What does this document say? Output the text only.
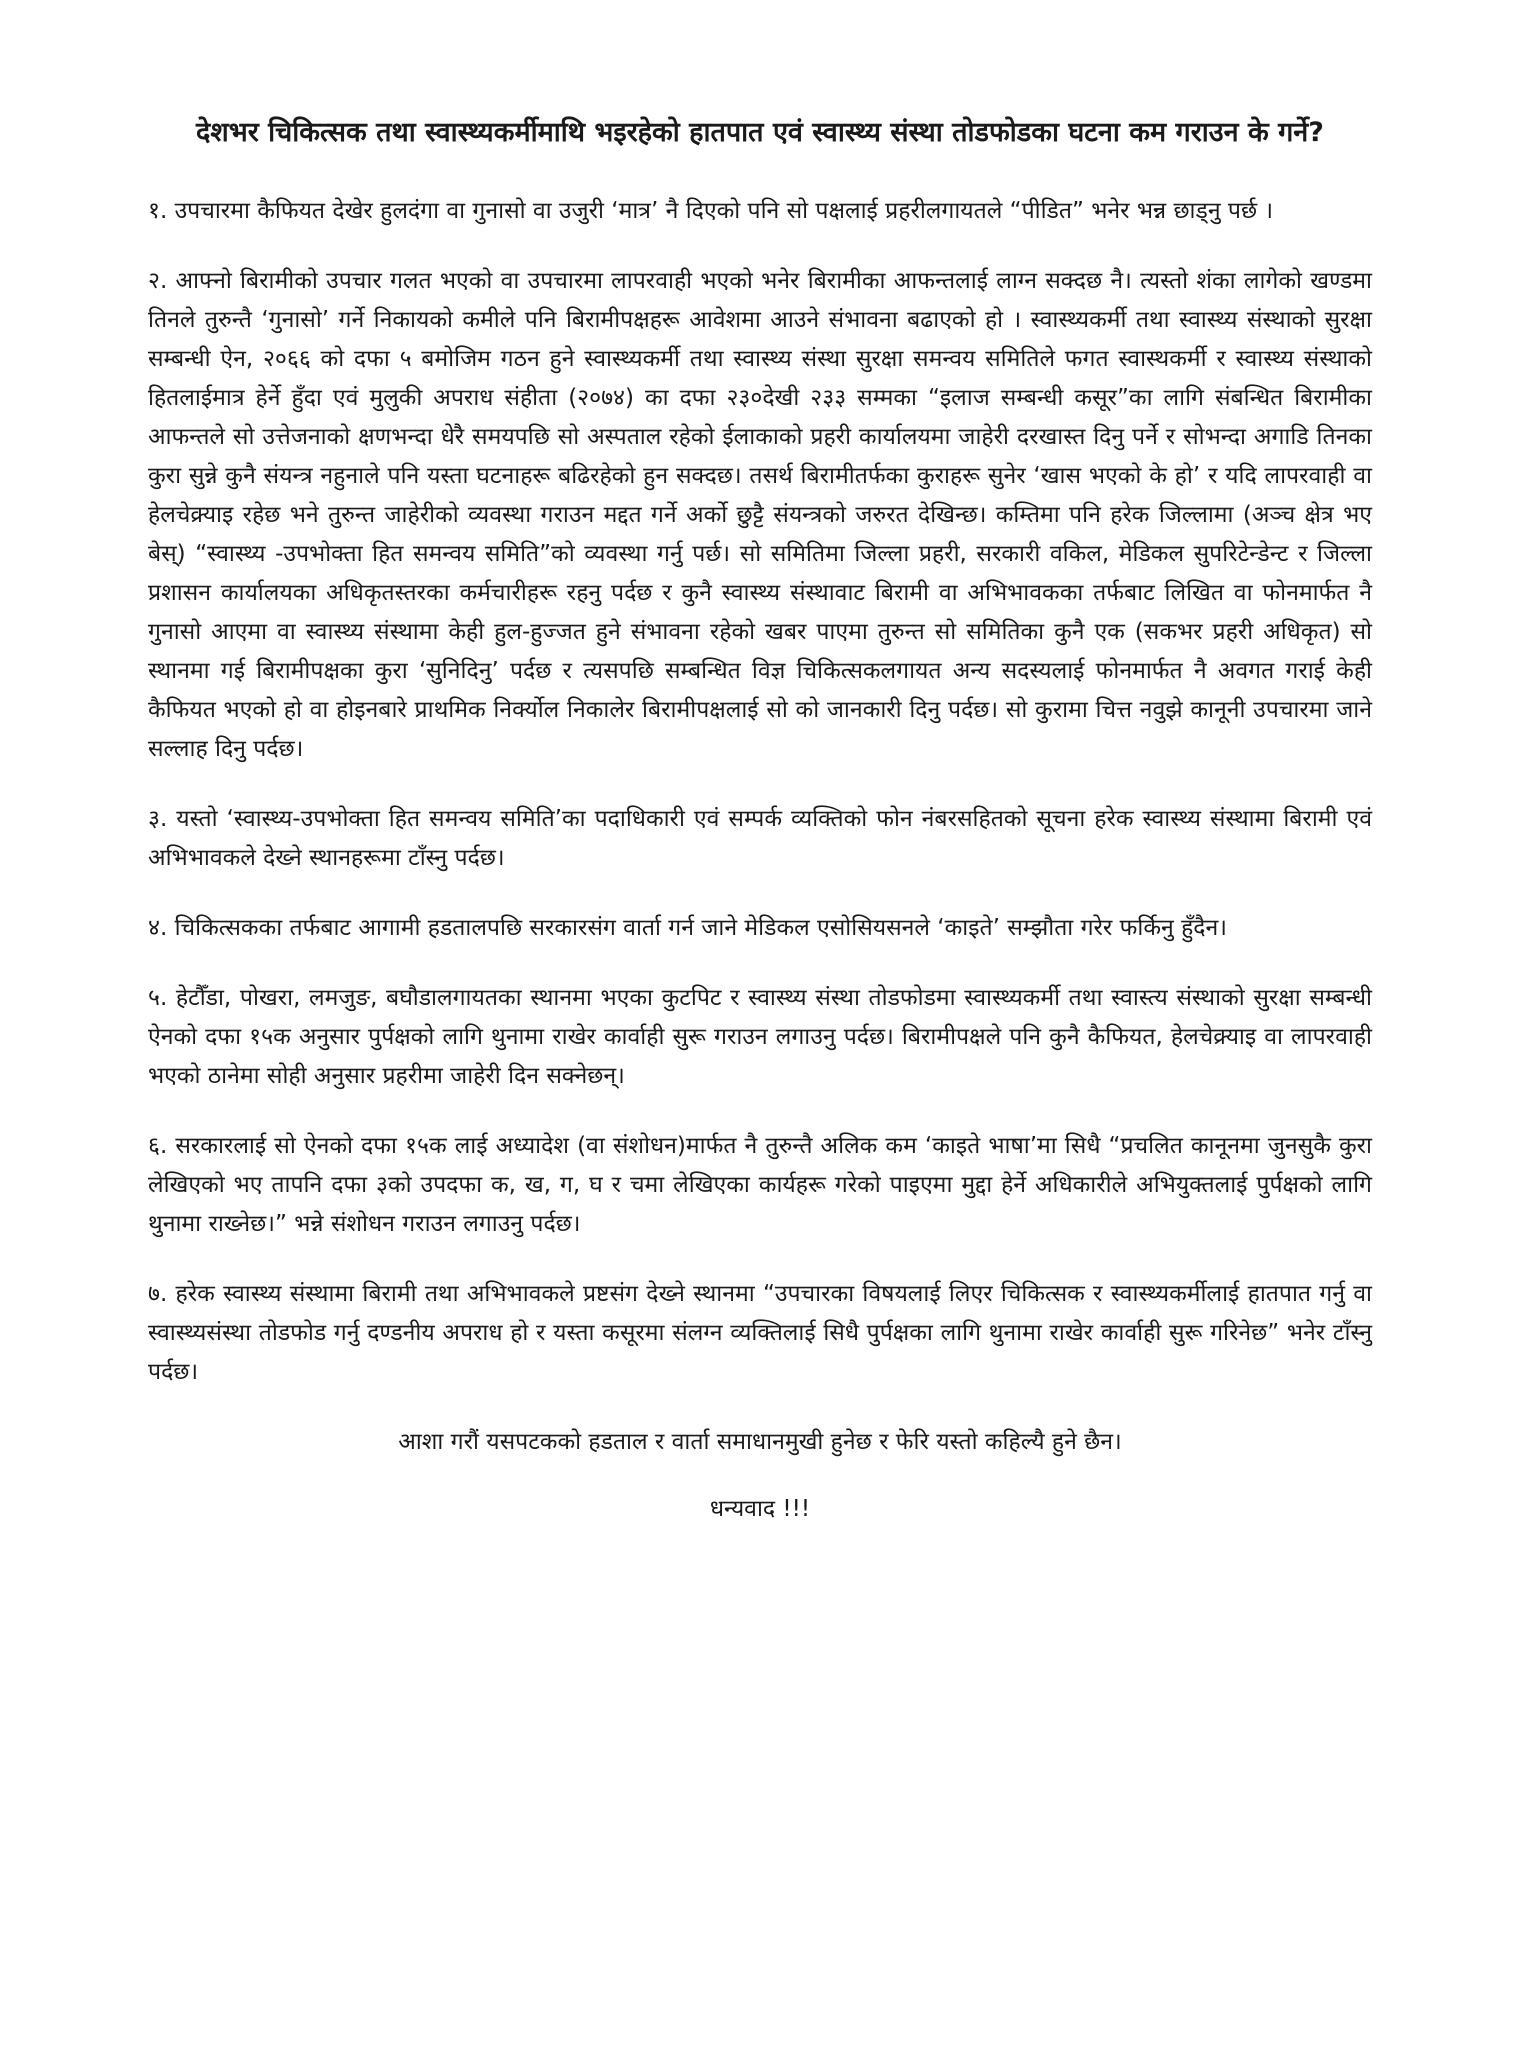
देशभर चिकित्सक तथा स्वास्थ्यकर्मीमाथि भइरहेको हातपात एवं स्वास्थ्य संस्था तोडफोडका घटना कम गराउन के गर्ने?

१. उपचारमा कैफियत देखेर हुलदंगा वा गुनासो वा उजुरी ‘मात्र’ नै दिएको पनि सो पक्षलाई प्रहरीलगायतले “पीडित” भनेर भन्न छाड्नु पर्छ ।

२. आफ्नो बिरामीको उपचार गलत भएको वा उपचारमा लापरवाही भएको भनेर बिरामीका आफन्तलाई लाग्न सक्दछ नै। त्यस्तो शंका लागेको खण्डमा तिनले तुरुन्तै ‘गुनासो’ गर्ने निकायको कमीले पनि बिरामीपक्षहरू आवेशमा आउने संभावना बढाएको हो । स्वास्थ्यकर्मी तथा स्वास्थ्य संस्थाको सुरक्षा सम्बन्धी ऐन, २०६६ को दफा ५ बमोजिम गठन हुने स्वास्थ्यकर्मी तथा स्वास्थ्य संस्था सुरक्षा समन्वय समितिले फगत स्वास्थकर्मी र स्वास्थ्य संस्थाको हितलाईमात्र हेर्ने हुँदा एवं मुलुकी अपराध संहीता (२०७४) का दफा २३०देखी २३३ सम्मका “इलाज सम्बन्धी कसूर”का लागि संबन्धित बिरामीका आफन्तले सो उत्तेजनाको क्षणभन्दा धेरै समयपछि सो अस्पताल रहेको ईलाकाको प्रहरी कार्यालयमा जाहेरी दरखास्त दिनु पर्ने र सोभन्दा अगाडि तिनका कुरा सुन्ने कुनै संयन्त्र नहुनाले पनि यस्ता घटनाहरू बढिरहेको हुन सक्दछ। तसर्थ बिरामीतर्फका कुराहरू सुनेर ‘खास भएको के हो’ र यदि लापरवाही वा हेलचेक्र्याइ रहेछ भने तुरुन्त जाहेरीको व्यवस्था गराउन मद्दत गर्ने अर्को छुट्टै संयन्त्रको जरुरत देखिन्छ। कम्तिमा पनि हरेक जिल्लामा (अञ्च क्षेत्र भए बेस्) “स्वास्थ्य -उपभोक्ता हित समन्वय समिति”को व्यवस्था गर्नु पर्छ। सो समितिमा जिल्ला प्रहरी, सरकारी वकिल, मेडिकल सुपरिटेन्डेन्ट र जिल्ला प्रशासन कार्यालयका अधिकृतस्तरका कर्मचारीहरू रहनु पर्दछ र कुनै स्वास्थ्य संस्थावाट बिरामी वा अभिभावकका तर्फबाट लिखित वा फोनमार्फत नै गुनासो आएमा वा स्वास्थ्य संस्थामा केही हुल-हुज्जत हुने संभावना रहेको खबर पाएमा तुरुन्त सो समितिका कुनै एक (सकभर प्रहरी अधिकृत) सो स्थानमा गई बिरामीपक्षका कुरा ‘सुनिदिनु’ पर्दछ र त्यसपछि सम्बन्धित विज्ञ चिकित्सकलगायत अन्य सदस्यलाई फोनमार्फत नै अवगत गराई केही कैफियत भएको हो वा होइनबारे प्राथमिक निर्क्योल निकालेर बिरामीपक्षलाई सो को जानकारी दिनु पर्दछ। सो कुरामा चित्त नवुझे कानूनी उपचारमा जाने सल्लाह दिनु पर्दछ।

३. यस्तो ‘स्वास्थ्य-उपभोक्ता हित समन्वय समिति’का पदाधिकारी एवं सम्पर्क व्यक्तिको फोन नंबरसहितको सूचना हरेक स्वास्थ्य संस्थामा बिरामी एवं अभिभावकले देख्ने स्थानहरूमा टाँस्नु पर्दछ।

४. चिकित्सकका तर्फबाट आगामी हडतालपछि सरकारसंग वार्ता गर्न जाने मेडिकल एसोसियसनले ‘काइते’ सम्झौता गरेर फर्किनु हुँदैन।

५. हेटौँडा, पोखरा, लमजुङ, बघौडालगायतका स्थानमा भएका कुटपिट र स्वास्थ्य संस्था तोडफोडमा स्वास्थ्यकर्मी तथा स्वास्त्य संस्थाको सुरक्षा सम्बन्धी ऐनको दफा १५क अनुसार पुर्पक्षको लागि थुनामा राखेर कार्वाही सुरू गराउन लगाउनु पर्दछ। बिरामीपक्षले पनि कुनै कैफियत, हेलचेक्र्याइ वा लापरवाही भएको ठानेमा सोही अनुसार प्रहरीमा जाहेरी दिन सक्नेछन्।

६. सरकारलाई सो ऐनको दफा १५क लाई अध्यादेश (वा संशोधन)मार्फत नै तुरुन्तै अलिक कम ‘काइते भाषा’मा सिधै “प्रचलित कानूनमा जुनसुकै कुरा लेखिएको भए तापनि दफा ३को उपदफा क, ख, ग, घ र चमा लेखिएका कार्यहरू गरेको पाइएमा मुद्दा हेर्ने अधिकारीले अभियुक्तलाई पुर्पक्षको लागि थुनामा राख्नेछ।” भन्ने संशोधन गराउन लगाउनु पर्दछ।

७. हरेक स्वास्थ्य संस्थामा बिरामी तथा अभिभावकले प्रष्टसंग देख्ने स्थानमा “उपचारका विषयलाई लिएर चिकित्सक र स्वास्थ्यकर्मीलाई हातपात गर्नु वा स्वास्थ्यसंस्था तोडफोड गर्नु दण्डनीय अपराध हो र यस्ता कसूरमा संलग्न व्यक्तिलाई सिधै पुर्पक्षका लागि थुनामा राखेर कार्वाही सुरू गरिनेछ” भनेर टाँस्नु पर्दछ।

आशा गरौं यसपटकको हडताल र वार्ता समाधानमुखी हुनेछ र फेरि यस्तो कहिल्यै हुने छैन।

धन्यवाद !!!
